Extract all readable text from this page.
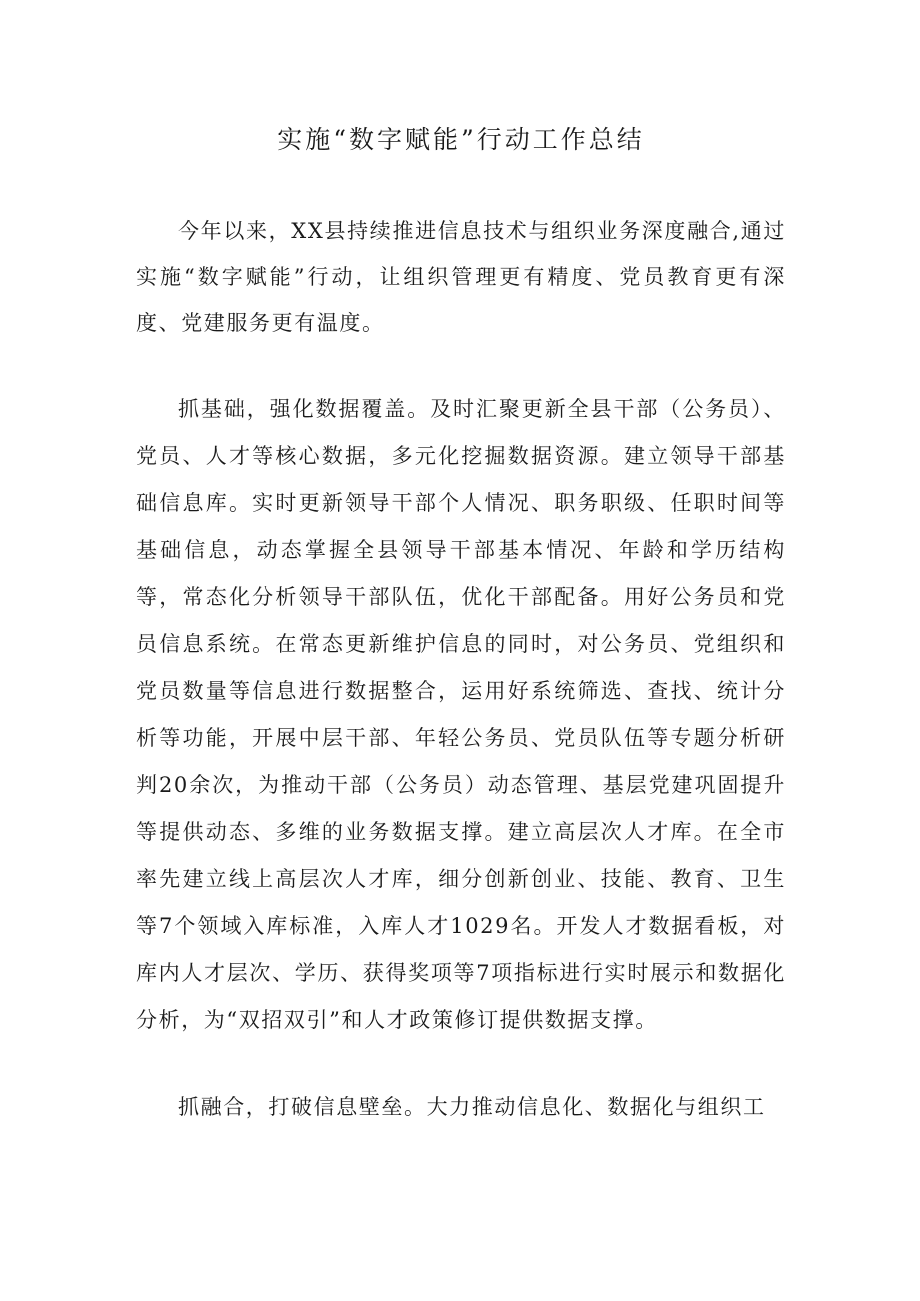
实施“数字赋能”行动工作总结

今年以来，XX县持续推进信息技术与组织业务深度融合,通过实施“数字赋能”行动，让组织管理更有精度、党员教育更有深度、党建服务更有温度。

抓基础，强化数据覆盖。及时汇聚更新全县干部（公务员）、党员、人才等核心数据，多元化挖掘数据资源。建立领导干部基础信息库。实时更新领导干部个人情况、职务职级、任职时间等基础信息，动态掌握全县领导干部基本情况、年龄和学历结构等，常态化分析领导干部队伍，优化干部配备。用好公务员和党员信息系统。在常态更新维护信息的同时，对公务员、党组织和党员数量等信息进行数据整合，运用好系统筛选、查找、统计分析等功能，开展中层干部、年轻公务员、党员队伍等专题分析研判20余次，为推动干部（公务员）动态管理、基层党建巩固提升等提供动态、多维的业务数据支撑。建立高层次人才库。在全市率先建立线上高层次人才库，细分创新创业、技能、教育、卫生等7个领域入库标准，入库人才1029名。开发人才数据看板，对库内人才层次、学历、获得奖项等7项指标进行实时展示和数据化分析，为“双招双引”和人才政策修订提供数据支撑。

抓融合，打破信息壁垒。大力推动信息化、数据化与组织工
